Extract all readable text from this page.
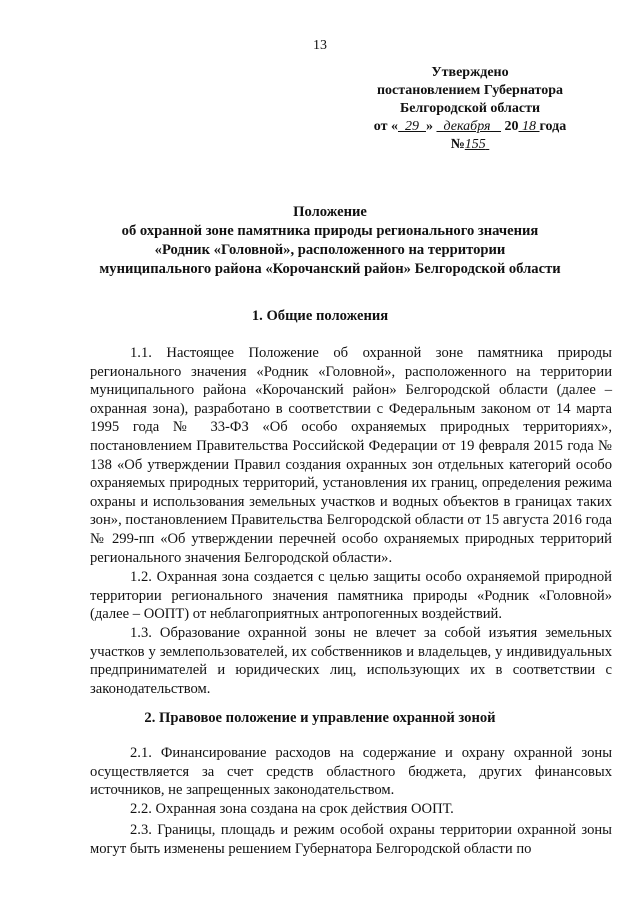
13
Утверждено
постановлением Губернатора
Белгородской области
от « 29 » декабря 20 18 года
№155
Положение
об охранной зоне памятника природы регионального значения
«Родник «Головной», расположенного на территории
муниципального района «Корочанский район» Белгородской области
1. Общие положения
1.1. Настоящее Положение об охранной зоне памятника природы регионального значения «Родник «Головной», расположенного на территории муниципального района «Корочанский район» Белгородской области (далее – охранная зона), разработано в соответствии с Федеральным законом от 14 марта 1995 года № 33-ФЗ «Об особо охраняемых природных территориях», постановлением Правительства Российской Федерации от 19 февраля 2015 года № 138 «Об утверждении Правил создания охранных зон отдельных категорий особо охраняемых природных территорий, установления их границ, определения режима охраны и использования земельных участков и водных объектов в границах таких зон», постановлением Правительства Белгородской области от 15 августа 2016 года № 299-пп «Об утверждении перечней особо охраняемых природных территорий регионального значения Белгородской области».
1.2. Охранная зона создается с целью защиты особо охраняемой природной территории регионального значения памятника природы «Родник «Головной» (далее – ООПТ) от неблагоприятных антропогенных воздействий.
1.3. Образование охранной зоны не влечет за собой изъятия земельных участков у землепользователей, их собственников и владельцев, у индивидуальных предпринимателей и юридических лиц, использующих их в соответствии с законодательством.
2. Правовое положение и управление охранной зоной
2.1. Финансирование расходов на содержание и охрану охранной зоны осуществляется за счет средств областного бюджета, других финансовых источников, не запрещенных законодательством.
2.2. Охранная зона создана на срок действия ООПТ.
2.3. Границы, площадь и режим особой охраны территории охранной зоны могут быть изменены решением Губернатора Белгородской области по
